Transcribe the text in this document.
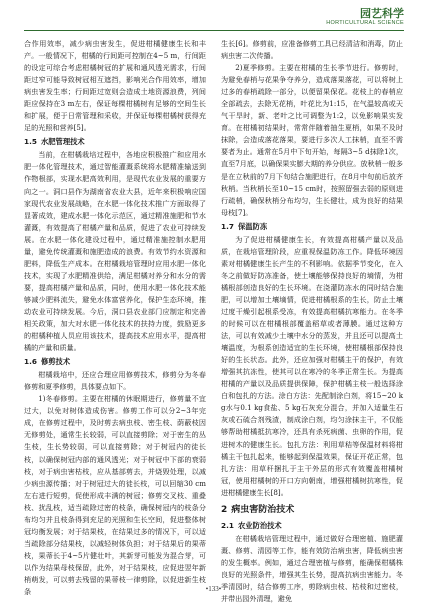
园艺科学
HORTICULTURAL SCIENCE

合作用效率，减少病虫害发生，促进柑橘健康生长和丰产。一般情况下，柑橘的行间距可控制在4~5 m，行间距的设定可综合考虑柑橘树冠的扩展和通风透光需求，行间距过窄可能导致树冠相互遮挡，影响光合作用效率，增加病虫害发生率；行间距过宽则会造成土地资源浪费，列间距应保持在3 m左右，保证每棵柑橘树有足够的空间生长和扩展，便于日常管理和采收，并保证每棵柑橘树获得充足的光照和营养[5]。

1.5 水肥管理技术

当前，在柑橘栽培过程中，各地应积极推广和应用水肥一体化管理技术，通过智能灌溉系统将水肥精准输送到作物根部，实现水肥高效利用，是现代农业发展的重要方向之一。洞口县作为湖南省农业大县，近年来积极响应国家现代农业发展战略，在水肥一体化技术推广方面取得了显著成效，建成水肥一体化示范区，通过精准施肥和节水灌溉，有效提高了柑橘产量和品质，促进了农业可持续发展。在水肥一体化建设过程中，通过精准施控制水肥用量，避免传统灌溉和施肥造成的浪费。有效节约水资源和肥料，降低生产成本。在柑橘栽培管理时应用水肥一体化技术，实现了水肥精准供给，满足柑橘对养分和水分的需要，提高柑橘产量和品质，同时，使用水肥一体化技术能够减少肥料流失，避免水体富营养化，保护生态环境，推动农业可持续发展。今后，洞口县农业部门应制定和完善相关政策，加大对水肥一体化技术的扶持力度，鼓励更多的柑橘种植人员应用该技术，提高技术应用水平，提高柑橘的产量和质量。

1.6 修剪技术

柑橘栽培中，还应合理应用修剪技术，修剪分为冬春修剪和夏季修剪，具体要点如下。

1)冬春修剪。主要在柑橘的休眠期进行，修剪量不宜过大，以免对树体造成伤害。修剪工作可以分2~3年完成，在修剪过程中，及时剪去病虫枝、密生枝、荫蔽枝因无修剪处，通常生长较弱，可以直接剪除；对于密生的丛生枝，生长势较弱，可以直接剪除；对于树冠内的徒长枝，以确保树冠内部的通风透光；对于树冠中下部的衰弱枝，对于病虫害枯枝，应从基部剪去，并烧毁处理，以减少病虫源传播；对于树冠过大的徒长枝，可以回缩30 cm左右进行短剪，促使形成丰满的树冠；修剪交叉枝、重叠枝、扰乱枝，适当疏除过密的枝条，确保树冠内的枝条分布均匀并且枝条得到充足的光照和生长空间，促进整体树冠均衡发展；对于结果枝，在结果过多的情况下，可以适当疏除部分结果枝，以减轻树体负担；对于结果后的果蒂枝，果蒂长于4~5片健壮叶，其新芽可能发为混合芽，可以作为结果母枝保留，此外，对于结果枝，应促进翌年新梢萌发，可以剪去残留的果蒂枝一律剪除，以促进新生枝条

生长[6]。修剪前，应准备修剪工具已经清洁和消毒，防止病虫害二次传播。

2)夏季修剪。主要在柑橘的生长季节进行。修剪时，为避免春梢与花果争夺养分，造成落果落花，可以将树上过多的春梢疏除一部分，以便留果保花。花枝上的春梢应全部疏去，去除无花梢，叶花比为1:15，在气温较高或天气干旱时，新、老叶之比可调整为1:2，以免影响果实发育。在柑橘初结果时，常常伴随着抽生夏梢，如果不及时抹除，会造成落花落果，要进行多次人工抹梢，直至不需要者为止。通常在5月中下旬开始，每隔3~5 d抹除1次，直至7月底，以确保果实膨大期的养分供应。放秋梢一般多是在立秋前的7月下旬结合施肥进行，在8月中旬前后放齐秋梢。当秋梢长至10~15 cm时，按照留强去弱的原则进行疏梢，确保秋梢分布均匀，生长健壮，成为良好的结果母枝[7]。

1.7 保温防冻

为了促进柑橘健康生长，有效提高柑橘产量以及品质，在栽培管理阶段，应重视保温防冻工作。降低环境因素对柑橘健康生长产生的不利影响。依据季节变化，在入冬之前做好防冻准备，使土壤能够保持良好的墒情，为柑橘根部创造良好的生长环境。在浇灌防冻水的同时结合施肥，可以增加土壤墒情，促进柑橘根系的生长，防止土壤过度干燥引起根系受冻，有效提高柑橘抗寒能力。在冬季的时候可以在柑橘根部覆盖稻草或者薄膜。通过这种方法，可以有效减少土壤中水分的蒸发，并且还可以提高土壤温度，为根系创造适宜的生长环境，使柑橘根部保持良好的生长状态。此外，还应加强对柑橘主干的保护，有效增强其抗冻性，使其可以在寒冷的冬季正常生长。为提高柑橘的产量以及品质提供保障，保护柑橘主枝一般选择涂白和包扎的方法。涂白方法：先配制涂白剂，将15~20 kg水与0.1 kg食盐、5 kg石灰充分混合，并加入适量生石灰或石硫合剂残渣，制成涂白剂，均匀涂抹主干，不仅能够帮助柑橘抵抗寒冷，还具有杀死病菌、虫卵的作用，促进树木的健康生长。包扎方法：利用草秸等保温材料将柑橘主干包扎起来，能够起到保温效果，保证开花正常，包扎方法：用草秆捆扎于主干外层的形式有效覆盖柑橘树冠，使用柑橘树的开口方向朝南，增强柑橘树抗寒性，促进柑橘健康生长[8]。

2 病虫害防治技术
2.1 农业防治技术

在柑橘栽培管理过程中，通过做好合理密植、施肥灌溉、修剪、清园等工作，能有效防治病虫害，降低病虫害的发生概率。例如，通过合理密植与修剪，能确保柑橘株良好的光照条件，增强其生长势，提高抗病虫害能力。冬季清园时，结合修剪工序，剪除病虫枝、枯枝和过密枝，并带出园外清理，避免

•133•
